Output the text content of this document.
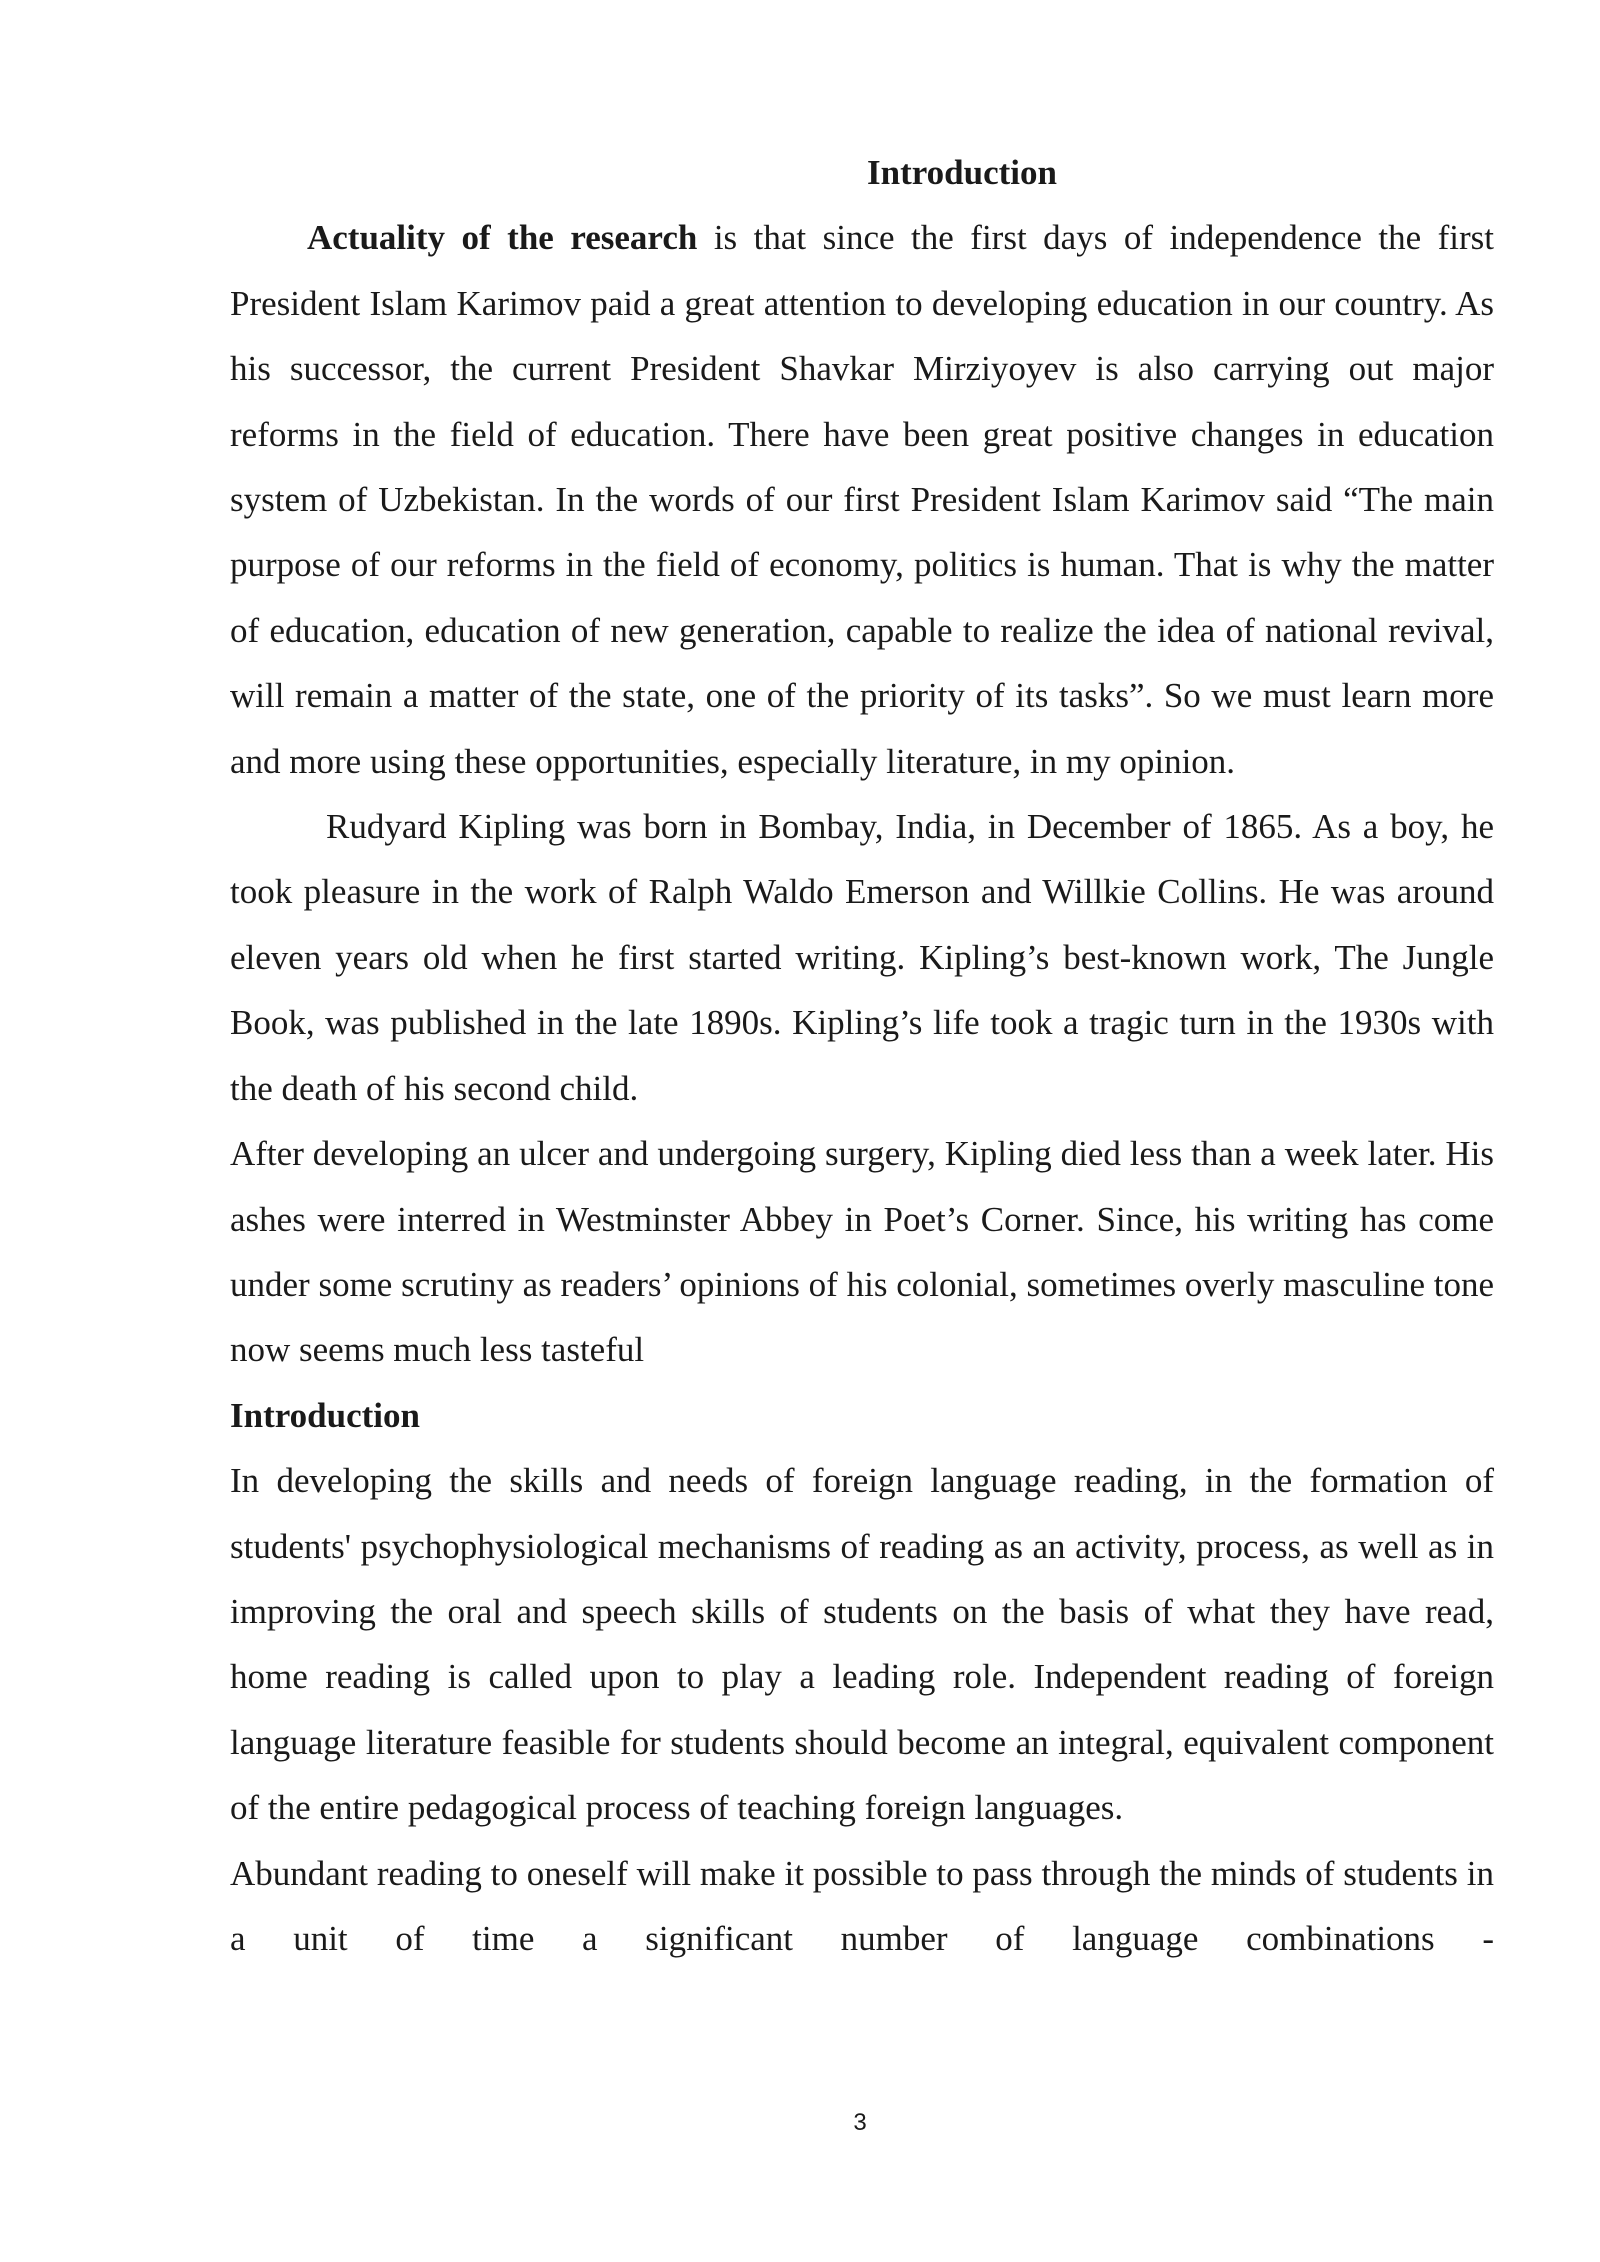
Introduction

Actuality of the research is that since the first days of independence the first President Islam Karimov paid a great attention to developing education in our country. As his successor, the current President Shavkar Mirziyoyev is also carrying out major reforms in the field of education. There have been great positive changes in education system of Uzbekistan. In the words of our first President Islam Karimov said “The main purpose of our reforms in the field of economy, politics is human. That is why the matter of education, education of new generation, capable to realize the idea of national revival, will remain a matter of the state, one of the priority of its tasks”. So we must learn more and more using these opportunities, especially literature, in my opinion.

Rudyard Kipling was born in Bombay, India, in December of 1865. As a boy, he took pleasure in the work of Ralph Waldo Emerson and Willkie Collins. He was around eleven years old when he first started writing. Kipling’s best-known work, The Jungle Book, was published in the late 1890s. Kipling’s life took a tragic turn in the 1930s with the death of his second child.

After developing an ulcer and undergoing surgery, Kipling died less than a week later. His ashes were interred in Westminster Abbey in Poet’s Corner. Since, his writing has come under some scrutiny as readers’ opinions of his colonial, sometimes overly masculine tone now seems much less tasteful

Introduction

In developing the skills and needs of foreign language reading, in the formation of students' psychophysiological mechanisms of reading as an activity, process, as well as in improving the oral and speech skills of students on the basis of what they have read, home reading is called upon to play a leading role. Independent reading of foreign language literature feasible for students should become an integral, equivalent component of the entire pedagogical process of teaching foreign languages.

Abundant reading to oneself will make it possible to pass through the minds of students in a unit of time a significant number of language combinations -

3
